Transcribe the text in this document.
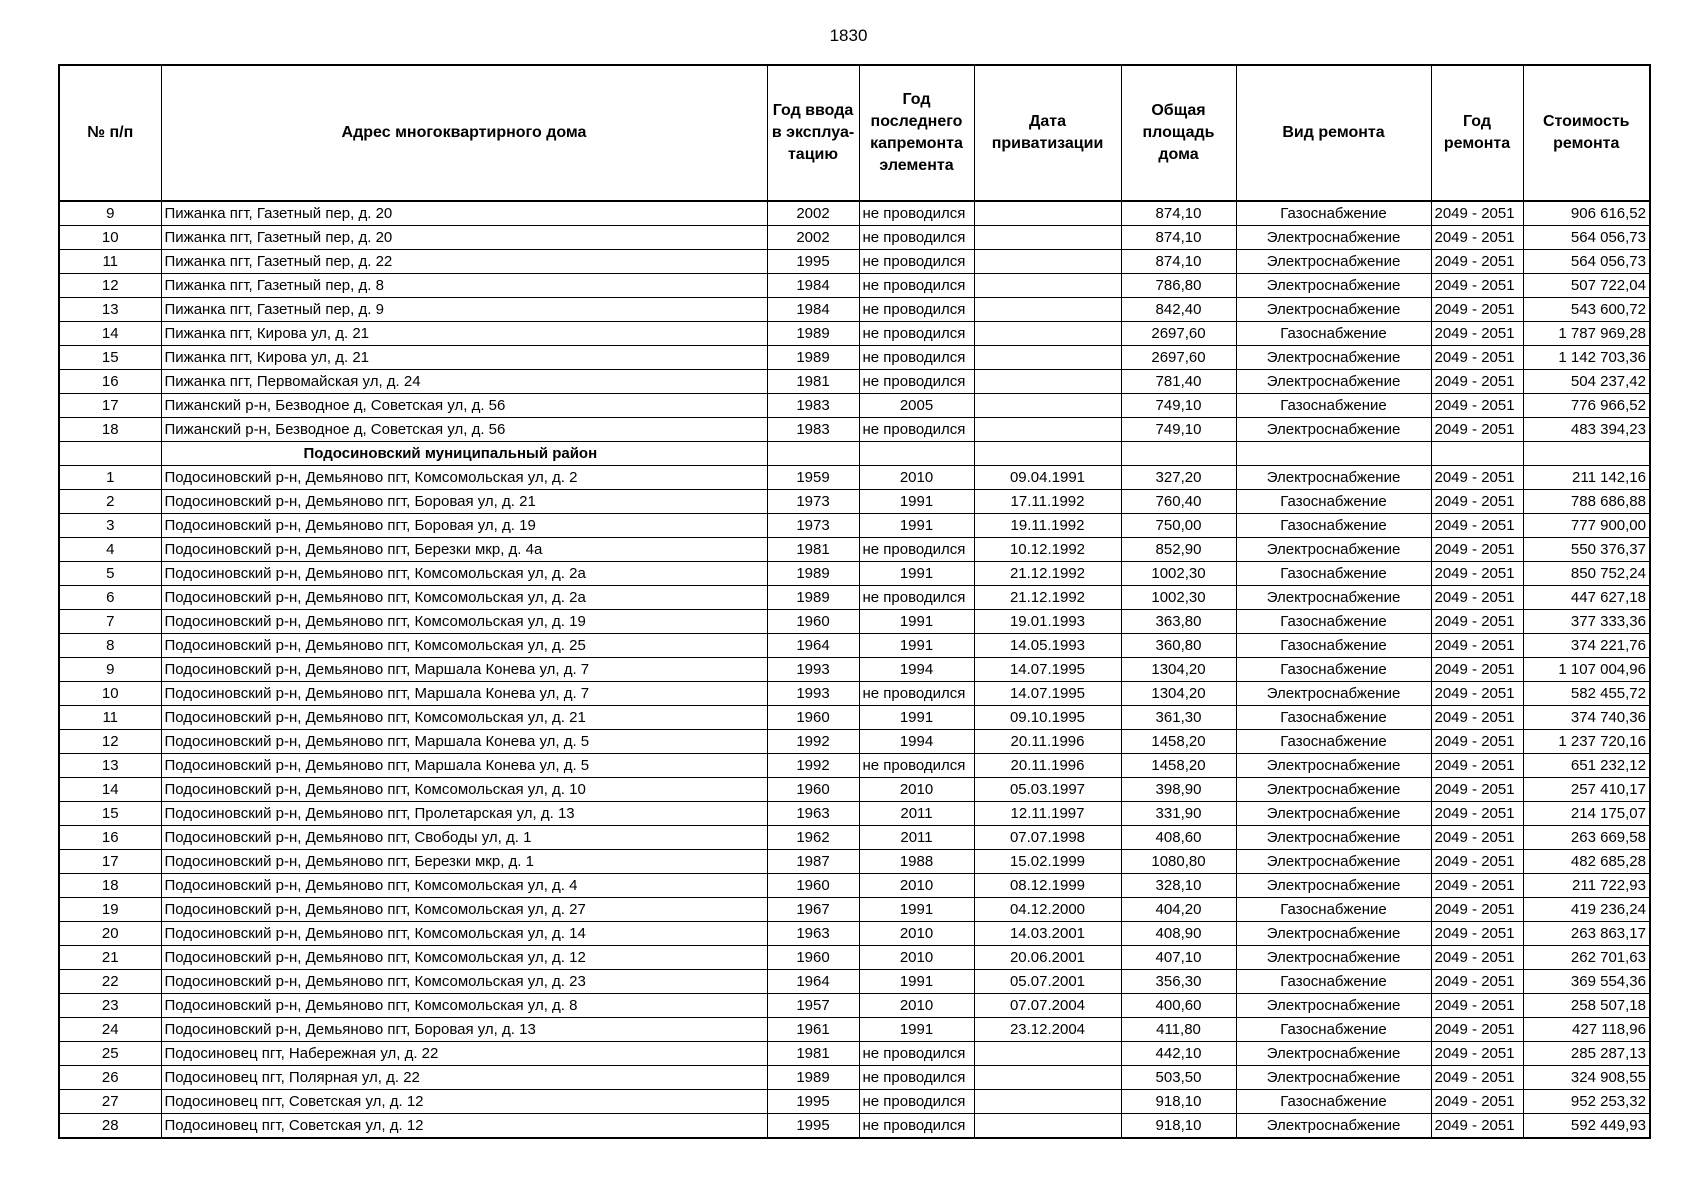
1830
№ п/п	Адрес многоквартирного дома	Год ввода в эксплуа-тацию	Год последнего капремонта элемента	Дата приватизации	Общая площадь дома	Вид ремонта	Год ремонта	Стоимость ремонта
9	Пижанка пгт, Газетный пер, д. 20	2002	не проводился		874,10	Газоснабжение	2049 - 2051	906 616,52
10	Пижанка пгт, Газетный пер, д. 20	2002	не проводился		874,10	Электроснабжение	2049 - 2051	564 056,73
11	Пижанка пгт, Газетный пер, д. 22	1995	не проводился		874,10	Электроснабжение	2049 - 2051	564 056,73
12	Пижанка пгт, Газетный пер, д. 8	1984	не проводился		786,80	Электроснабжение	2049 - 2051	507 722,04
13	Пижанка пгт, Газетный пер, д. 9	1984	не проводился		842,40	Электроснабжение	2049 - 2051	543 600,72
14	Пижанка пгт, Кирова ул, д. 21	1989	не проводился		2697,60	Газоснабжение	2049 - 2051	1 787 969,28
15	Пижанка пгт, Кирова ул, д. 21	1989	не проводился		2697,60	Электроснабжение	2049 - 2051	1 142 703,36
16	Пижанка пгт, Первомайская ул, д. 24	1981	не проводился		781,40	Электроснабжение	2049 - 2051	504 237,42
17	Пижанский р-н, Безводное д, Советская ул, д. 56	1983	2005		749,10	Газоснабжение	2049 - 2051	776 966,52
18	Пижанский р-н, Безводное д, Советская ул, д. 56	1983	не проводился		749,10	Электроснабжение	2049 - 2051	483 394,23
	Подосиновский муниципальный район							
1	Подосиновский р-н, Демьяново пгт, Комсомольская ул, д. 2	1959	2010	09.04.1991	327,20	Электроснабжение	2049 - 2051	211 142,16
2	Подосиновский р-н, Демьяново пгт, Боровая ул, д. 21	1973	1991	17.11.1992	760,40	Газоснабжение	2049 - 2051	788 686,88
3	Подосиновский р-н, Демьяново пгт, Боровая ул, д. 19	1973	1991	19.11.1992	750,00	Газоснабжение	2049 - 2051	777 900,00
4	Подосиновский р-н, Демьяново пгт, Березки мкр, д. 4а	1981	не проводился	10.12.1992	852,90	Электроснабжение	2049 - 2051	550 376,37
5	Подосиновский р-н, Демьяново пгт, Комсомольская ул, д. 2а	1989	1991	21.12.1992	1002,30	Газоснабжение	2049 - 2051	850 752,24
6	Подосиновский р-н, Демьяново пгт, Комсомольская ул, д. 2а	1989	не проводился	21.12.1992	1002,30	Электроснабжение	2049 - 2051	447 627,18
7	Подосиновский р-н, Демьяново пгт, Комсомольская ул, д. 19	1960	1991	19.01.1993	363,80	Газоснабжение	2049 - 2051	377 333,36
8	Подосиновский р-н, Демьяново пгт, Комсомольская ул, д. 25	1964	1991	14.05.1993	360,80	Газоснабжение	2049 - 2051	374 221,76
9	Подосиновский р-н, Демьяново пгт, Маршала Конева ул, д. 7	1993	1994	14.07.1995	1304,20	Газоснабжение	2049 - 2051	1 107 004,96
10	Подосиновский р-н, Демьяново пгт, Маршала Конева ул, д. 7	1993	не проводился	14.07.1995	1304,20	Электроснабжение	2049 - 2051	582 455,72
11	Подосиновский р-н, Демьяново пгт, Комсомольская ул, д. 21	1960	1991	09.10.1995	361,30	Газоснабжение	2049 - 2051	374 740,36
12	Подосиновский р-н, Демьяново пгт, Маршала Конева ул, д. 5	1992	1994	20.11.1996	1458,20	Газоснабжение	2049 - 2051	1 237 720,16
13	Подосиновский р-н, Демьяново пгт, Маршала Конева ул, д. 5	1992	не проводился	20.11.1996	1458,20	Электроснабжение	2049 - 2051	651 232,12
14	Подосиновский р-н, Демьяново пгт, Комсомольская ул, д. 10	1960	2010	05.03.1997	398,90	Электроснабжение	2049 - 2051	257 410,17
15	Подосиновский р-н, Демьяново пгт, Пролетарская ул, д. 13	1963	2011	12.11.1997	331,90	Электроснабжение	2049 - 2051	214 175,07
16	Подосиновский р-н, Демьяново пгт, Свободы ул, д. 1	1962	2011	07.07.1998	408,60	Электроснабжение	2049 - 2051	263 669,58
17	Подосиновский р-н, Демьяново пгт, Березки мкр, д. 1	1987	1988	15.02.1999	1080,80	Электроснабжение	2049 - 2051	482 685,28
18	Подосиновский р-н, Демьяново пгт, Комсомольская ул, д. 4	1960	2010	08.12.1999	328,10	Электроснабжение	2049 - 2051	211 722,93
19	Подосиновский р-н, Демьяново пгт, Комсомольская ул, д. 27	1967	1991	04.12.2000	404,20	Газоснабжение	2049 - 2051	419 236,24
20	Подосиновский р-н, Демьяново пгт, Комсомольская ул, д. 14	1963	2010	14.03.2001	408,90	Электроснабжение	2049 - 2051	263 863,17
21	Подосиновский р-н, Демьяново пгт, Комсомольская ул, д. 12	1960	2010	20.06.2001	407,10	Электроснабжение	2049 - 2051	262 701,63
22	Подосиновский р-н, Демьяново пгт, Комсомольская ул, д. 23	1964	1991	05.07.2001	356,30	Газоснабжение	2049 - 2051	369 554,36
23	Подосиновский р-н, Демьяново пгт, Комсомольская ул, д. 8	1957	2010	07.07.2004	400,60	Электроснабжение	2049 - 2051	258 507,18
24	Подосиновский р-н, Демьяново пгт, Боровая ул, д. 13	1961	1991	23.12.2004	411,80	Газоснабжение	2049 - 2051	427 118,96
25	Подосиновец пгт, Набережная ул, д. 22	1981	не проводился		442,10	Электроснабжение	2049 - 2051	285 287,13
26	Подосиновец пгт, Полярная ул, д. 22	1989	не проводился		503,50	Электроснабжение	2049 - 2051	324 908,55
27	Подосиновец пгт, Советская ул, д. 12	1995	не проводился		918,10	Газоснабжение	2049 - 2051	952 253,32
28	Подосиновец пгт, Советская ул, д. 12	1995	не проводился		918,10	Электроснабжение	2049 - 2051	592 449,93
